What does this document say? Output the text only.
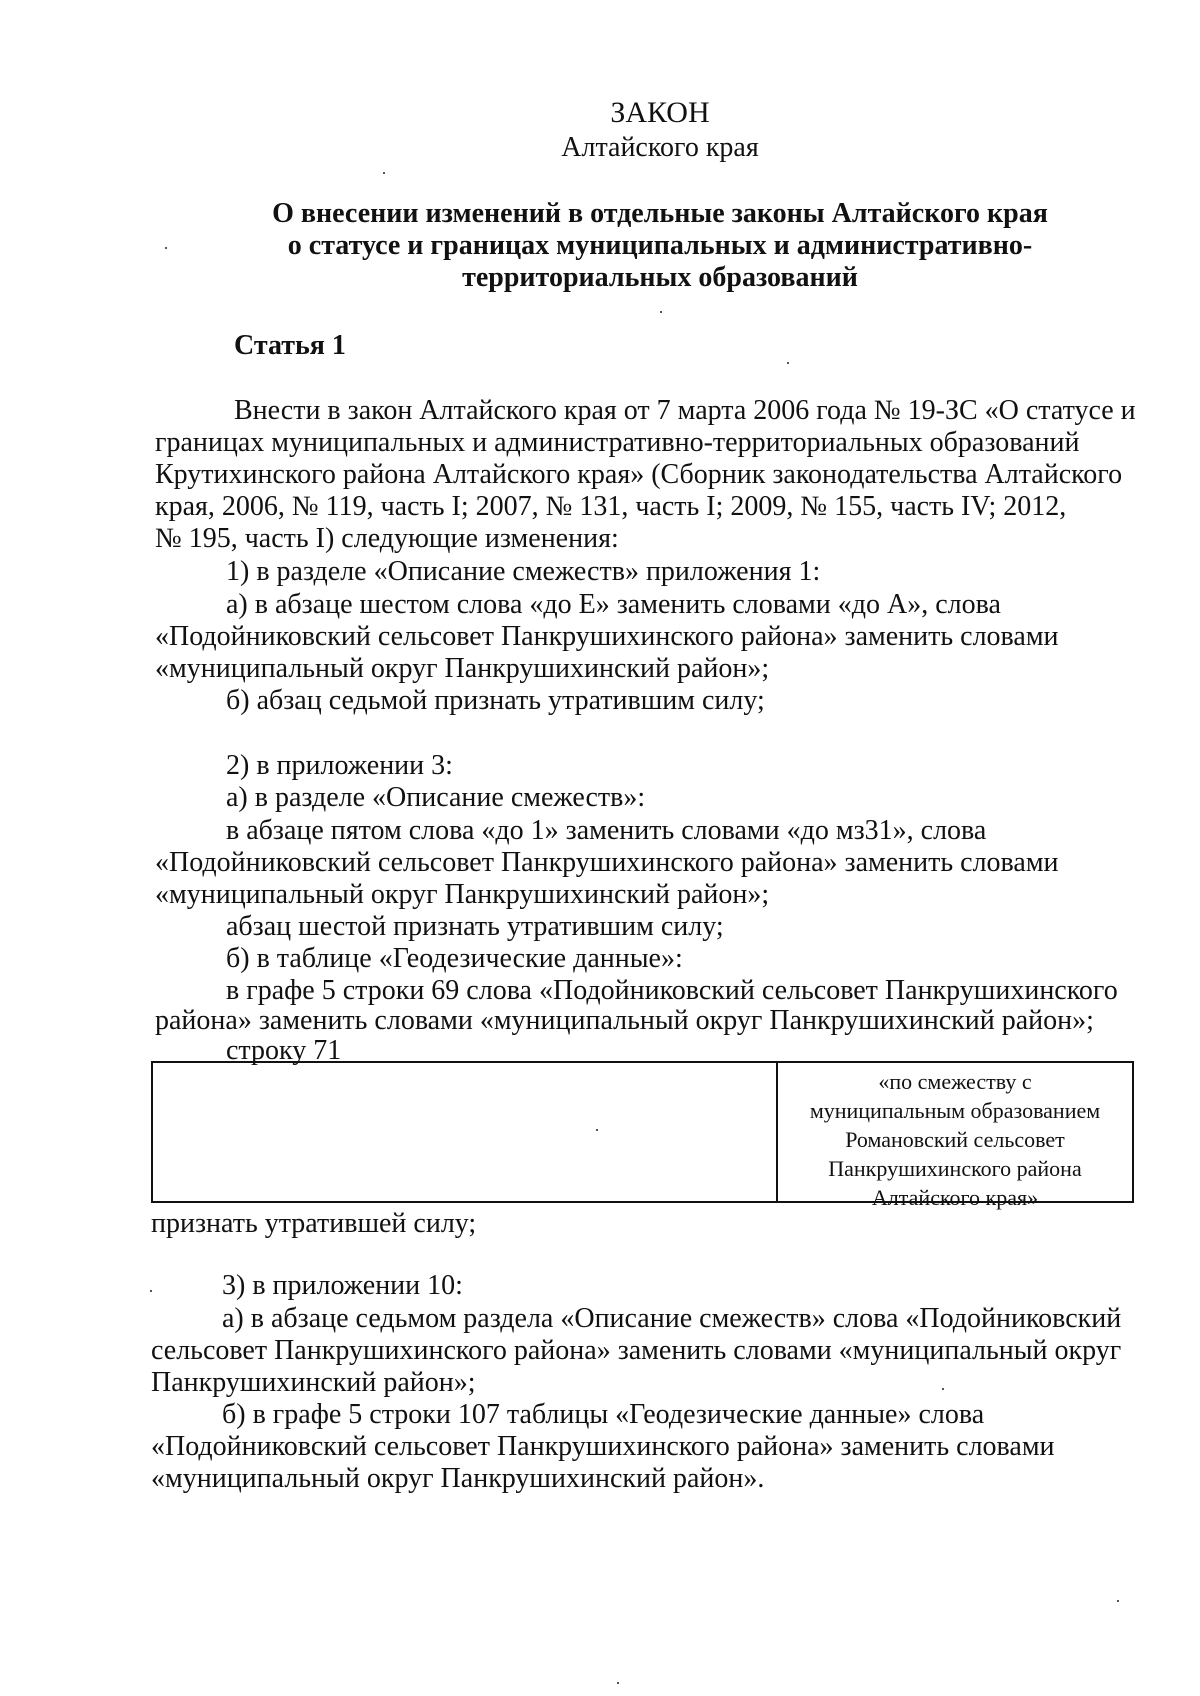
ЗАКОН
Алтайского края
О внесении изменений в отдельные законы Алтайского края
о статусе и границах муниципальных и административно-
территориальных образований
Статья 1
Внести в закон Алтайского края от 7 марта 2006 года № 19-ЗС «О статусе и
границах муниципальных и административно-территориальных образований
Крутихинского района Алтайского края» (Сборник законодательства Алтайского
края, 2006, № 119, часть I; 2007, № 131, часть I; 2009, № 155, часть IV; 2012,
№ 195, часть I) следующие изменения:
1) в разделе «Описание смежеств» приложения 1:
а) в абзаце шестом слова «до Е» заменить словами «до А», слова
«Подойниковский сельсовет Панкрушихинского района» заменить словами
«муниципальный округ Панкрушихинский район»;
б) абзац седьмой признать утратившим силу;
2) в приложении 3:
а) в разделе «Описание смежеств»:
в абзаце пятом слова «до 1» заменить словами «до мз31», слова
«Подойниковский сельсовет Панкрушихинского района» заменить словами
«муниципальный округ Панкрушихинский район»;
абзац шестой признать утратившим силу;
б) в таблице «Геодезические данные»:
в графе 5 строки 69 слова «Подойниковский сельсовет Панкрушихинского
района» заменить словами «муниципальный округ Панкрушихинский район»;
строку 71
«по смежеству с
муниципальным образованием
Романовский сельсовет
Панкрушихинского района
Алтайского края»
признать утратившей силу;
3) в приложении 10:
а) в абзаце седьмом раздела «Описание смежеств» слова «Подойниковский
сельсовет Панкрушихинского района» заменить словами «муниципальный округ
Панкрушихинский район»;
б) в графе 5 строки 107 таблицы «Геодезические данные» слова
«Подойниковский сельсовет Панкрушихинского района» заменить словами
«муниципальный округ Панкрушихинский район».
